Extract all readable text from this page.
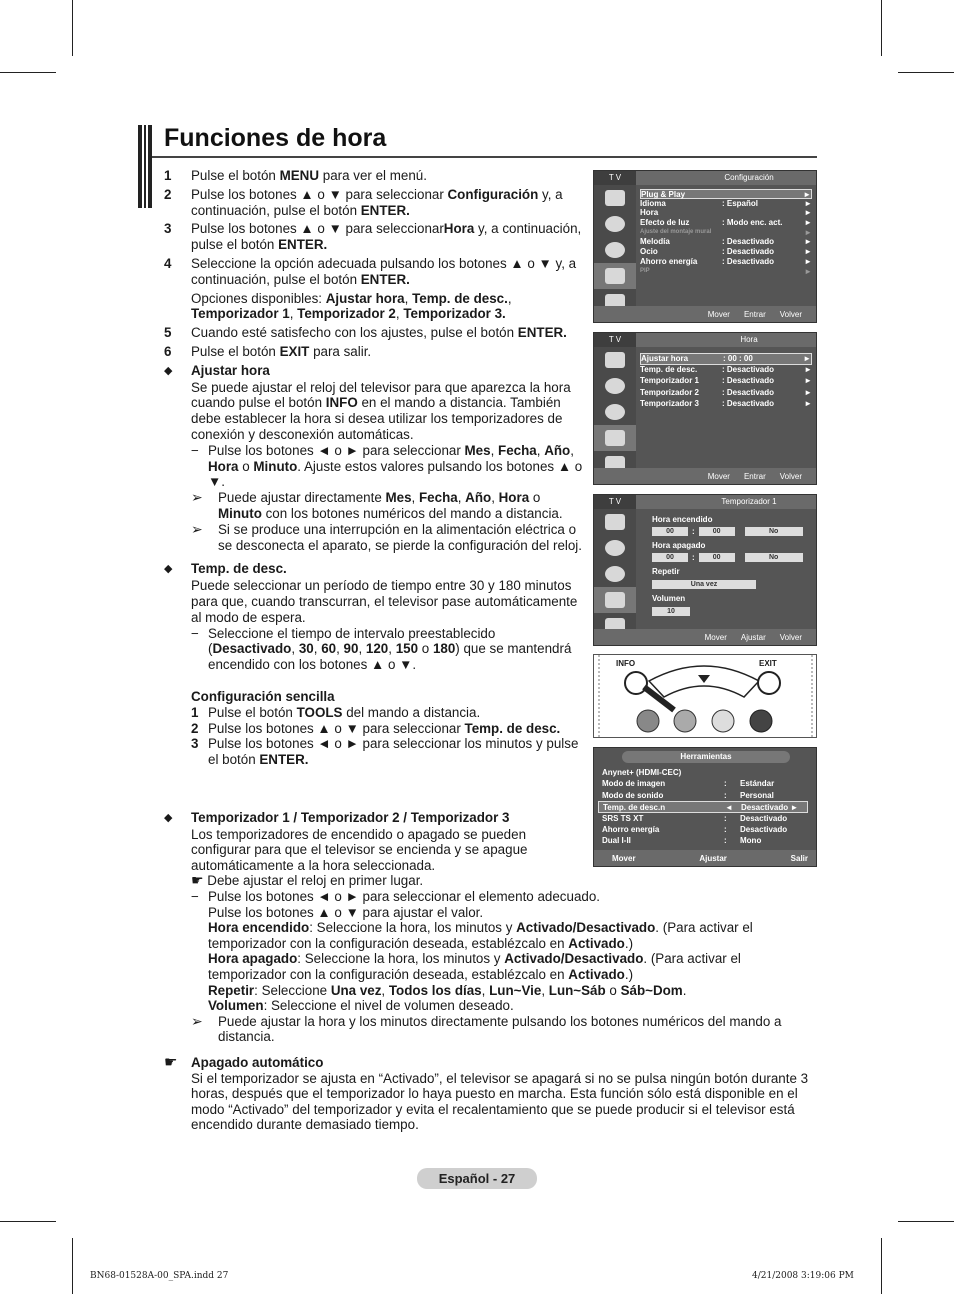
Funciones de hora
1	Pulse el botón MENU para ver el menú.
2	Pulse los botones ▲ o ▼ para seleccionar Configuración y, a continuación, pulse el botón ENTER.
3	Pulse los botones ▲ o ▼ para seleccionarHora y, a continuación, pulse el botón ENTER.
4	Seleccione la opción adecuada pulsando los botones ▲ o ▼ y, a continuación, pulse el botón ENTER.
Opciones disponibles: Ajustar hora, Temp. de desc., Temporizador 1, Temporizador 2, Temporizador 3.
5	Cuando esté satisfecho con los ajustes, pulse el botón ENTER.
6	Pulse el botón EXIT para salir.
◆	Ajustar hora
Se puede ajustar el reloj del televisor para que aparezca la hora cuando pulse el botón INFO en el mando a distancia. También debe establecer la hora si desea utilizar los temporizadores de conexión y desconexión automáticas.
− Pulse los botones ◄ o ► para seleccionar Mes, Fecha, Año, Hora o Minuto. Ajuste estos valores pulsando los botones ▲ o ▼.
➢	Puede ajustar directamente Mes, Fecha, Año, Hora o Minuto con los botones numéricos del mando a distancia.
➢	Si se produce una interrupción en la alimentación eléctrica o se desconecta el aparato, se pierde la configuración del reloj.
◆	Temp. de desc.
Puede seleccionar un período de tiempo entre 30 y 180 minutos para que, cuando transcurran, el televisor pase automáticamente al modo de espera.
− Seleccione el tiempo de intervalo preestablecido (Desactivado, 30, 60, 90, 120, 150 o 180) que se mantendrá encendido con los botones ▲ o ▼.
Configuración sencilla
1 Pulse el botón TOOLS del mando a distancia.
2 Pulse los botones ▲ o ▼ para seleccionar Temp. de desc.
3 Pulse los botones ◄ o ► para seleccionar los minutos y pulse el botón ENTER.
◆	Temporizador 1 / Temporizador 2 / Temporizador 3
Los temporizadores de encendido o apagado se pueden configurar para que el televisor se encienda y se apague automáticamente a la hora seleccionada.
☛ Debe ajustar el reloj en primer lugar.
− Pulse los botones ◄ o ► para seleccionar el elemento adecuado.
Pulse los botones ▲ o ▼ para ajustar el valor.
Hora encendido: Seleccione la hora, los minutos y Activado/Desactivado. (Para activar el temporizador con la configuración deseada, establézcalo en Activado.)
Hora apagado: Seleccione la hora, los minutos y Activado/Desactivado. (Para activar el temporizador con la configuración deseada, establézcalo en Activado.)
Repetir: Seleccione Una vez, Todos los días, Lun~Vie, Lun~Sáb o Sáb~Dom.
Volumen: Seleccione el nivel de volumen deseado.
➢	Puede ajustar la hora y los minutos directamente pulsando los botones numéricos del mando a distancia.
☛	Apagado automático
Si el temporizador se ajusta en “Activado”, el televisor se apagará si no se pulsa ningún botón durante 3 horas, después que el temporizador lo haya puesto en marcha. Esta función sólo está disponible en el modo “Activado” del temporizador y evita el recalentamiento que se puede producir si el televisor está encendido durante demasiado tiempo.
T V	Configuración
Plug & Play	►
Idioma	: Español	►
Hora	►
Efecto de luz	: Modo enc. act.	►
Ajuste del montaje mural	►
Melodía	: Desactivado	►
Ocio	: Desactivado	►
Ahorro energía	: Desactivado	►
PIP	►
Mover Entrar Volver
T V	Hora
Ajustar hora	: 00 : 00	►
Temp. de desc.	: Desactivado	►
Temporizador 1	: Desactivado	►
Temporizador 2	: Desactivado	►
Temporizador 3	: Desactivado	►
Mover Entrar Volver
T V	Temporizador 1
Hora encendido
00	:	00	No
Hora apagado
00	:	00	No
Repetir
Una vez
Volumen
10
Mover Ajustar Volver
INFO	EXIT
Herramientas
Anynet+ (HDMI-CEC)
Modo de imagen	:	Estándar
Modo de sonido	:	Personal
Temp. de desc.n	◄	Desactivado ►
SRS TS XT	:	Desactivado
Ahorro energía	:	Desactivado
Dual I-II	:	Mono
Mover	Ajustar	Salir
Español - 27
BN68-01528A-00_SPA.indd 27	4/21/2008 3:19:06 PM
